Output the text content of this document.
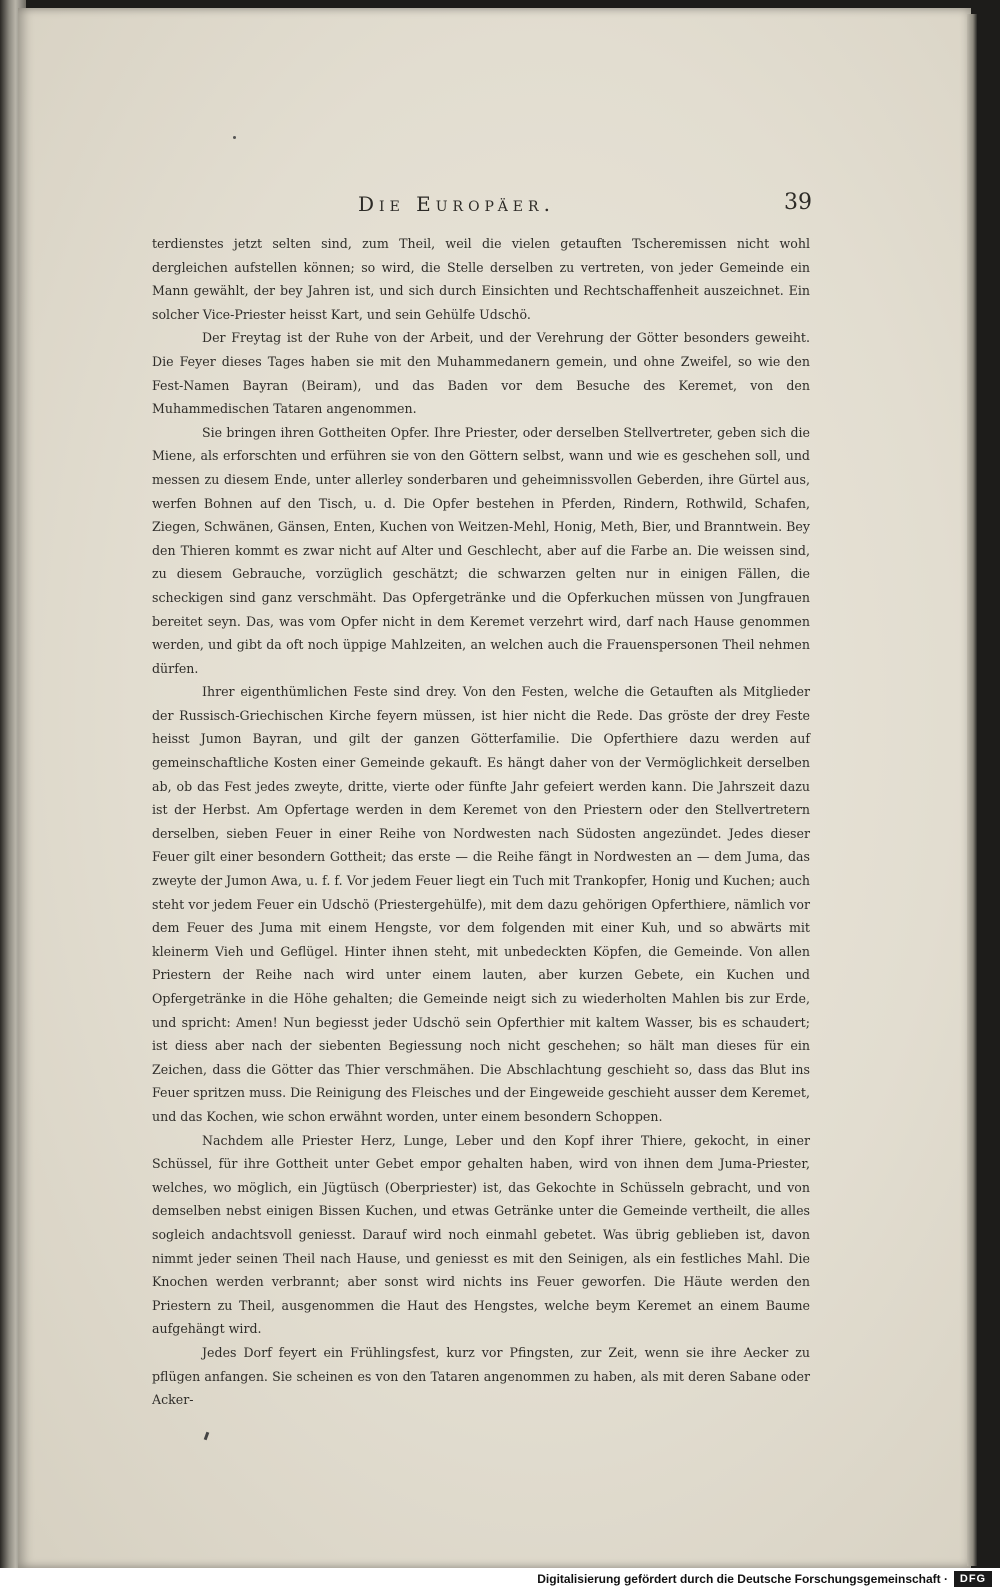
Die Europäer.	39

terdienstes jetzt selten sind, zum Theil, weil die vielen getauften Tscheremissen nicht wohl dergleichen aufstellen können; so wird, die Stelle derselben zu vertreten, von jeder Gemeinde ein Mann gewählt, der bey Jahren ist, und sich durch Einsichten und Rechtschaffenheit auszeichnet. Ein solcher Vice-Priester heisst Kart, und sein Gehülfe Udschö.

Der Freytag ist der Ruhe von der Arbeit, und der Verehrung der Götter besonders geweiht. Die Feyer dieses Tages haben sie mit den Muhammedanern gemein, und ohne Zweifel, so wie den Fest-Namen Bayran (Beiram), und das Baden vor dem Besuche des Keremet, von den Muhammedischen Tataren angenommen.

Sie bringen ihren Gottheiten Opfer. Ihre Priester, oder derselben Stellvertreter, geben sich die Miene, als erforschten und erführen sie von den Göttern selbst, wann und wie es geschehen soll, und messen zu diesem Ende, unter allerley sonderbaren und geheimnissvollen Geberden, ihre Gürtel aus, werfen Bohnen auf den Tisch, u. d. Die Opfer bestehen in Pferden, Rindern, Rothwild, Schafen, Ziegen, Schwänen, Gänsen, Enten, Kuchen von Weitzen-Mehl, Honig, Meth, Bier, und Branntwein. Bey den Thieren kommt es zwar nicht auf Alter und Geschlecht, aber auf die Farbe an. Die weissen sind, zu diesem Gebrauche, vorzüglich geschätzt; die schwarzen gelten nur in einigen Fällen, die scheckigen sind ganz verschmäht. Das Opfergetränke und die Opferkuchen müssen von Jungfrauen bereitet seyn. Das, was vom Opfer nicht in dem Keremet verzehrt wird, darf nach Hause genommen werden, und gibt da oft noch üppige Mahlzeiten, an welchen auch die Frauenspersonen Theil nehmen dürfen.

Ihrer eigenthümlichen Feste sind drey. Von den Festen, welche die Getauften als Mitglieder der Russisch-Griechischen Kirche feyern müssen, ist hier nicht die Rede. Das gröste der drey Feste heisst Jumon Bayran, und gilt der ganzen Götterfamilie. Die Opferthiere dazu werden auf gemeinschaftliche Kosten einer Gemeinde gekauft. Es hängt daher von der Vermöglichkeit derselben ab, ob das Fest jedes zweyte, dritte, vierte oder fünfte Jahr gefeiert werden kann. Die Jahrszeit dazu ist der Herbst. Am Opfertage werden in dem Keremet von den Priestern oder den Stellvertretern derselben, sieben Feuer in einer Reihe von Nordwesten nach Südosten angezündet. Jedes dieser Feuer gilt einer besondern Gottheit; das erste — die Reihe fängt in Nordwesten an — dem Juma, das zweyte der Jumon Awa, u. f. f. Vor jedem Feuer liegt ein Tuch mit Trankopfer, Honig und Kuchen; auch steht vor jedem Feuer ein Udschö (Priestergehülfe), mit dem dazu gehörigen Opferthiere, nämlich vor dem Feuer des Juma mit einem Hengste, vor dem folgenden mit einer Kuh, und so abwärts mit kleinerm Vieh und Geflügel. Hinter ihnen steht, mit unbedeckten Köpfen, die Gemeinde. Von allen Priestern der Reihe nach wird unter einem lauten, aber kurzen Gebete, ein Kuchen und Opfergetränke in die Höhe gehalten; die Gemeinde neigt sich zu wiederholten Mahlen bis zur Erde, und spricht: Amen! Nun begiesst jeder Udschö sein Opferthier mit kaltem Wasser, bis es schaudert; ist diess aber nach der siebenten Begiessung noch nicht geschehen; so hält man dieses für ein Zeichen, dass die Götter das Thier verschmähen. Die Abschlachtung geschieht so, dass das Blut ins Feuer spritzen muss. Die Reinigung des Fleisches und der Eingeweide geschieht ausser dem Keremet, und das Kochen, wie schon erwähnt worden, unter einem besondern Schoppen.

Nachdem alle Priester Herz, Lunge, Leber und den Kopf ihrer Thiere, gekocht, in einer Schüssel, für ihre Gottheit unter Gebet empor gehalten haben, wird von ihnen dem Juma-Priester, welches, wo möglich, ein Jügtüsch (Oberpriester) ist, das Gekochte in Schüsseln gebracht, und von demselben nebst einigen Bissen Kuchen, und etwas Getränke unter die Gemeinde vertheilt, die alles sogleich andachtsvoll geniesst. Darauf wird noch einmahl gebetet. Was übrig geblieben ist, davon nimmt jeder seinen Theil nach Hause, und geniesst es mit den Seinigen, als ein festliches Mahl. Die Knochen werden verbrannt; aber sonst wird nichts ins Feuer geworfen. Die Häute werden den Priestern zu Theil, ausgenommen die Haut des Hengstes, welche beym Keremet an einem Baume aufgehängt wird.

Jedes Dorf feyert ein Frühlingsfest, kurz vor Pfingsten, zur Zeit, wenn sie ihre Aecker zu pflügen anfangen. Sie scheinen es von den Tataren angenommen zu haben, als mit deren Sabane oder Acker-

Digitalisierung gefördert durch die Deutsche Forschungsgemeinschaft ·	DFG
